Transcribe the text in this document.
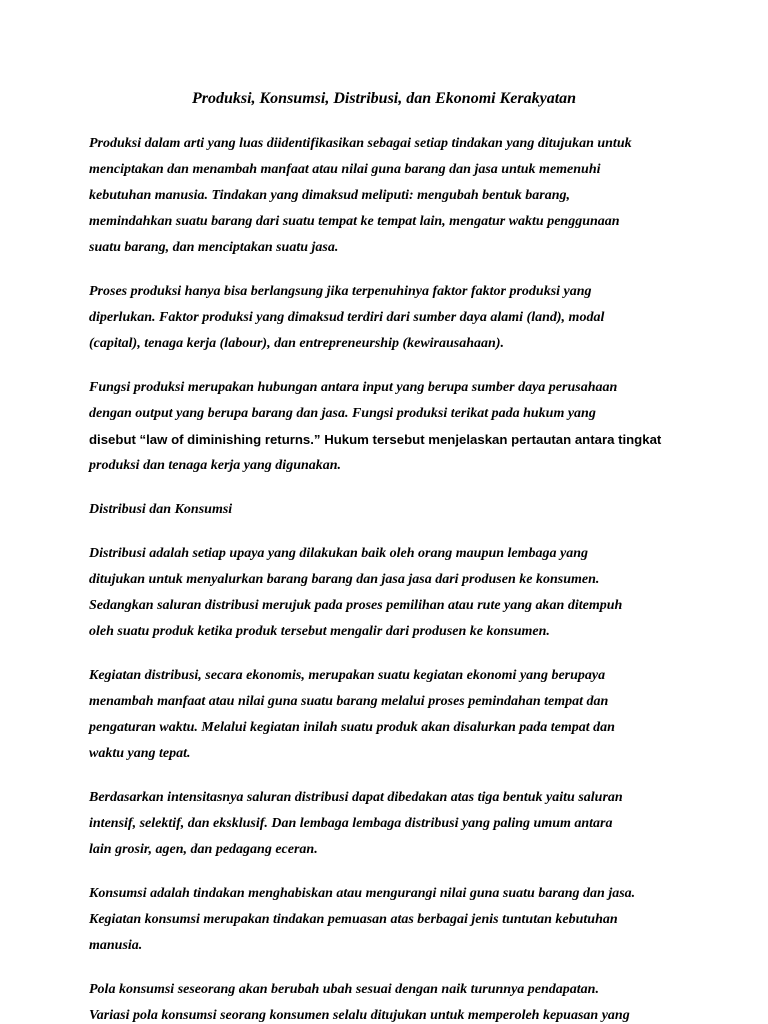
Produksi, Konsumsi, Distribusi, dan Ekonomi Kerakyatan

Produksi dalam arti yang luas diidentifikasikan sebagai setiap tindakan yang ditujukan untuk
menciptakan dan menambah manfaat atau nilai guna barang dan jasa untuk memenuhi
kebutuhan manusia. Tindakan yang dimaksud meliputi: mengubah bentuk barang,
memindahkan suatu barang dari suatu tempat ke tempat lain, mengatur waktu penggunaan
suatu barang, dan menciptakan suatu jasa.

Proses produksi hanya bisa berlangsung jika terpenuhinya faktor faktor produksi yang
diperlukan. Faktor produksi yang dimaksud terdiri dari sumber daya alami (land), modal
(capital), tenaga kerja (labour), dan entrepreneurship (kewirausahaan).

Fungsi produksi merupakan hubungan antara input yang berupa sumber daya perusahaan
dengan output yang berupa barang dan jasa. Fungsi produksi terikat pada hukum yang
disebut “law of diminishing returns.” Hukum tersebut menjelaskan pertautan antara tingkat
produksi dan tenaga kerja yang digunakan.

Distribusi dan Konsumsi

Distribusi adalah setiap upaya yang dilakukan baik oleh orang maupun lembaga yang
ditujukan untuk menyalurkan barang barang dan jasa jasa dari produsen ke konsumen.
Sedangkan saluran distribusi merujuk pada proses pemilihan atau rute yang akan ditempuh
oleh suatu produk ketika produk tersebut mengalir dari produsen ke konsumen.

Kegiatan distribusi, secara ekonomis, merupakan suatu kegiatan ekonomi yang berupaya
menambah manfaat atau nilai guna suatu barang melalui proses pemindahan tempat dan
pengaturan waktu. Melalui kegiatan inilah suatu produk akan disalurkan pada tempat dan
waktu yang tepat.

Berdasarkan intensitasnya saluran distribusi dapat dibedakan atas tiga bentuk yaitu saluran
intensif, selektif, dan eksklusif. Dan lembaga lembaga distribusi yang paling umum antara
lain grosir, agen, dan pedagang eceran.

Konsumsi adalah tindakan menghabiskan atau mengurangi nilai guna suatu barang dan jasa.
Kegiatan konsumsi merupakan tindakan pemuasan atas berbagai jenis tuntutan kebutuhan
manusia.

Pola konsumsi seseorang akan berubah ubah sesuai dengan naik turunnya pendapatan.
Variasi pola konsumsi seorang konsumen selalu ditujukan untuk memperoleh kepuasan yang
